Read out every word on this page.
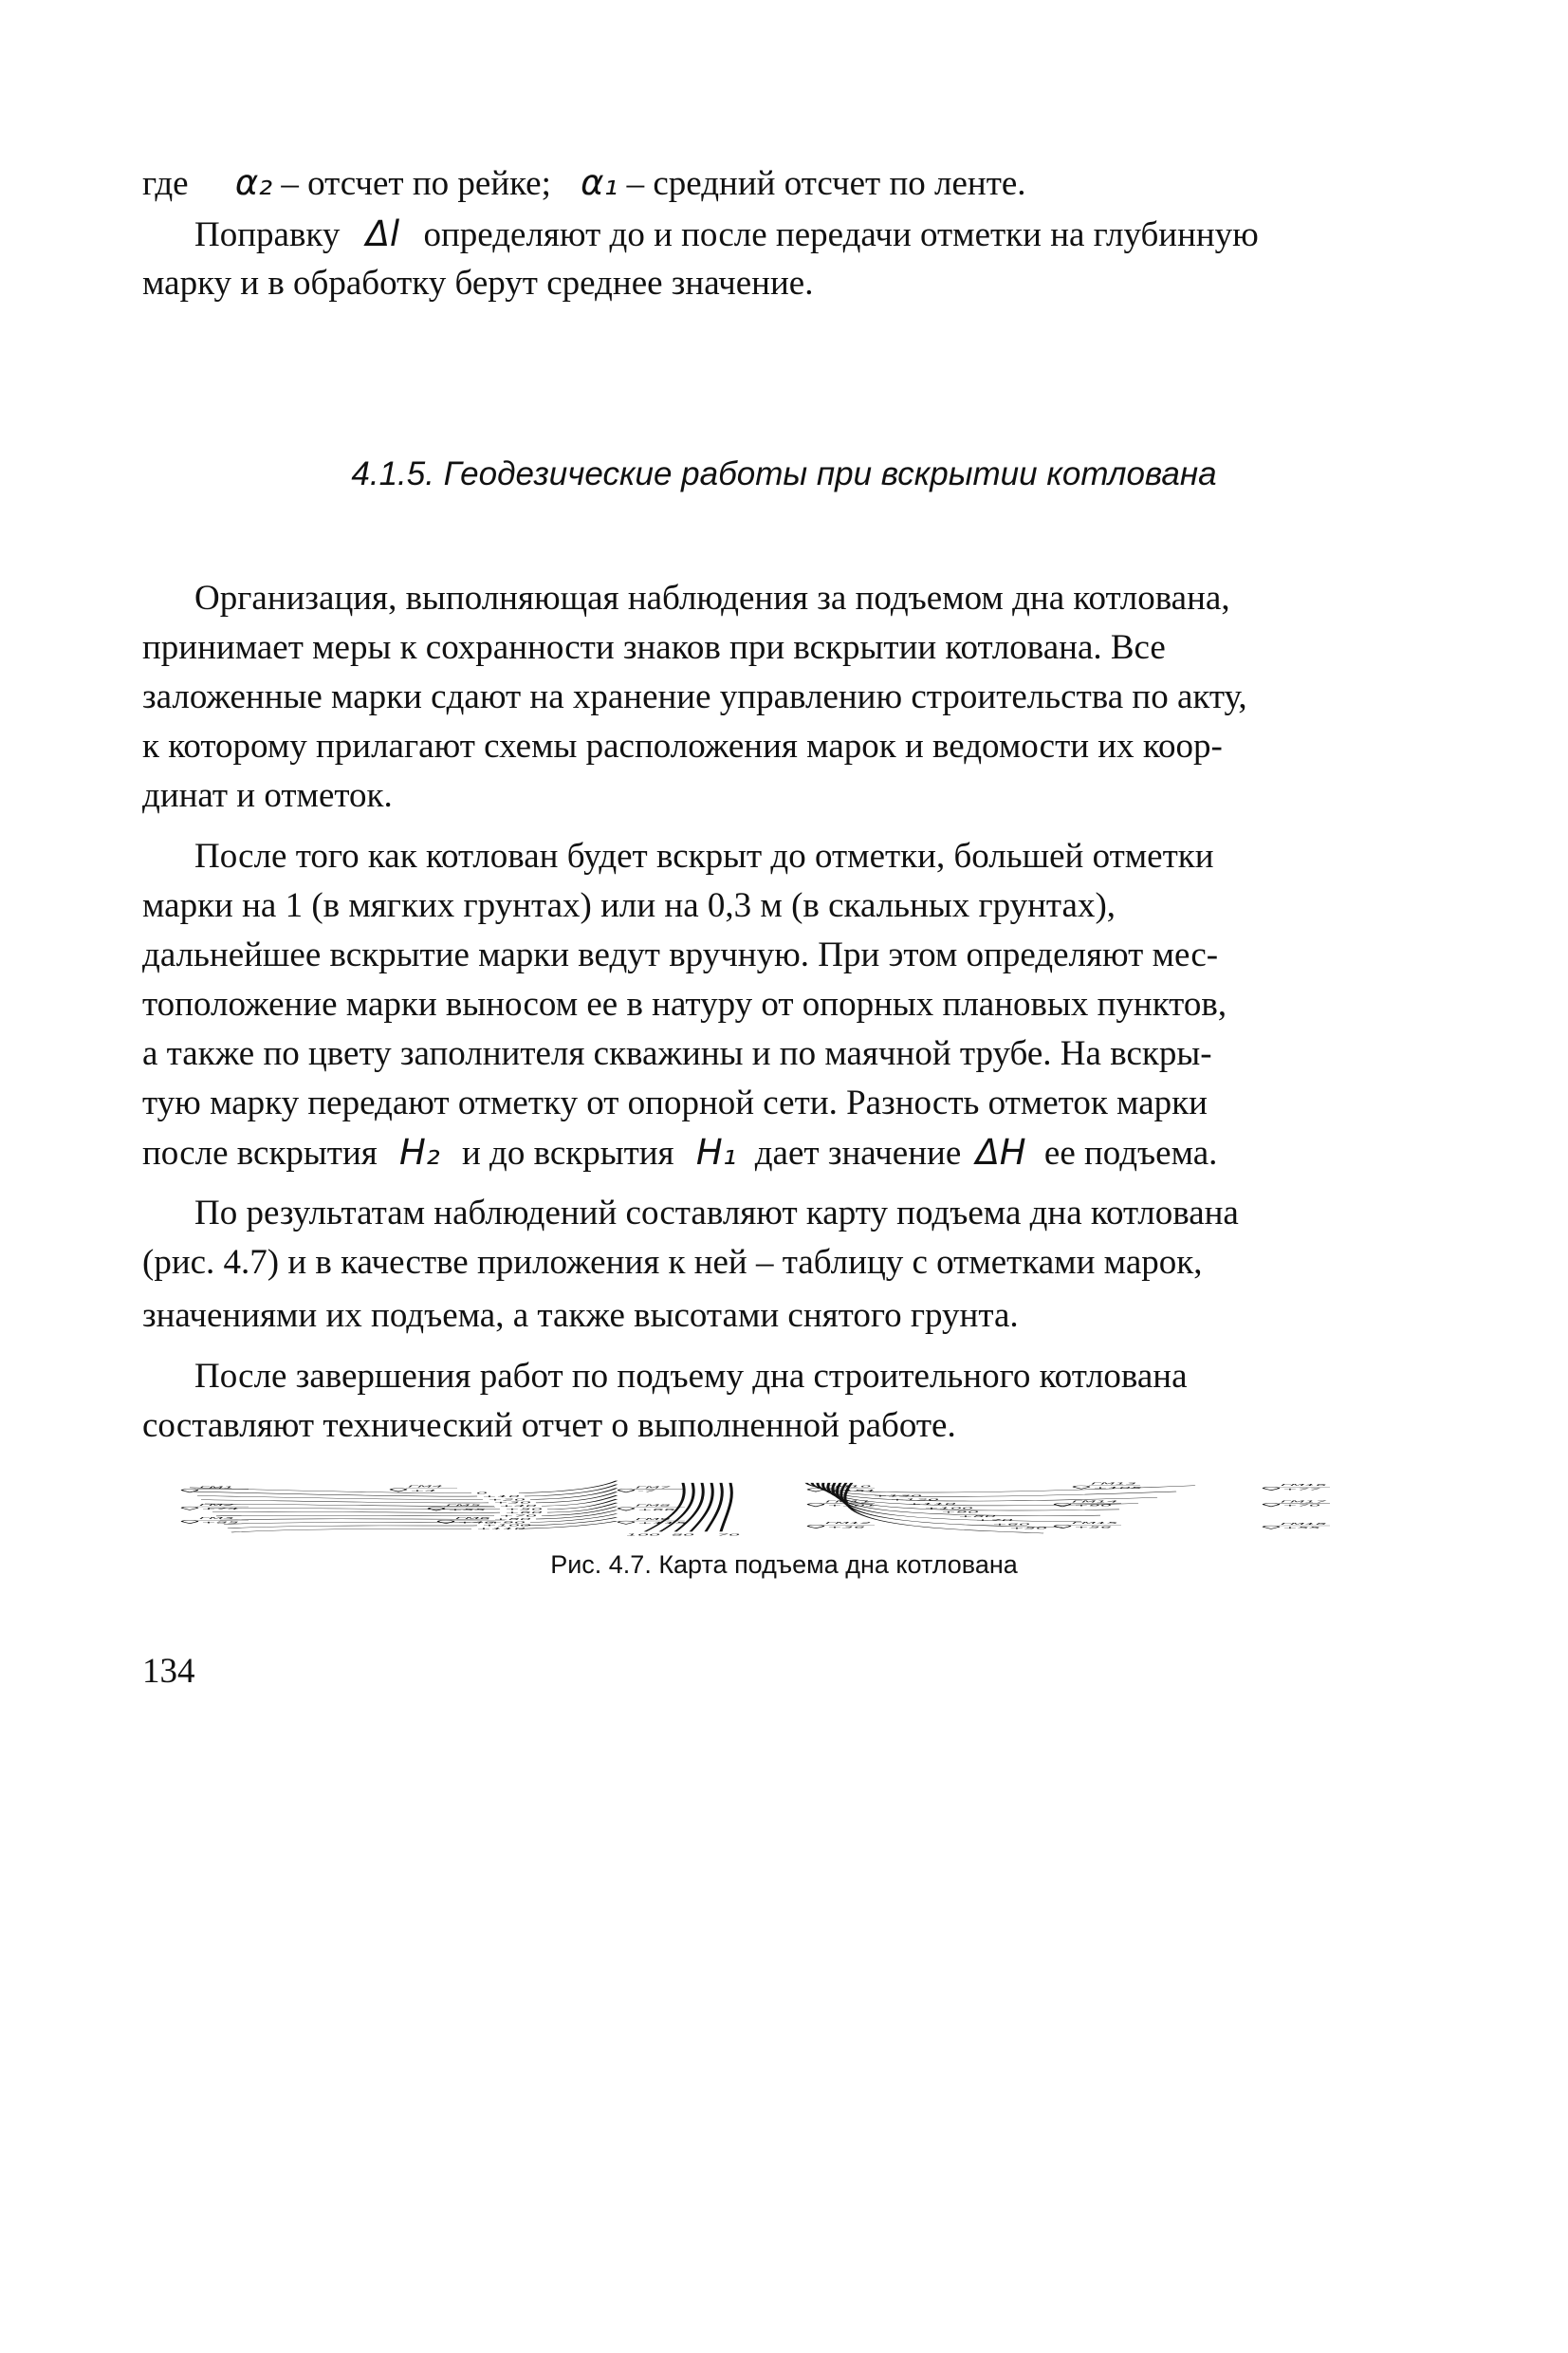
где α₂ – отсчет по рейке; α₁ – средний отсчет по ленте.
Поправку Δl определяют до и после передачи отметки на глубинную
марку и в обработку берут среднее значение.
4.1.5. Геодезические работы при вскрытии котлована
Организация, выполняющая наблюдения за подъемом дна котлована,
принимает меры к сохранности знаков при вскрытии котлована. Все
заложенные марки сдают на хранение управлению строительства по акту,
к которому прилагают схемы расположения марок и ведомости их коор-
динат и отметок.
После того как котлован будет вскрыт до отметки, большей отметки
марки на 1 (в мягких грунтах) или на 0,3 м (в скальных грунтах),
дальнейшее вскрытие марки ведут вручную. При этом определяют мес-
тоположение марки выносом ее в натуру от опорных плановых пунктов,
а также по цвету заполнителя скважины и по маячной трубе. На вскры-
тую марку передают отметку от опорной сети. Разность отметок марки
после вскрытия H₂ и до вскрытия H₁ дает значение ΔH ее подъема.
По результатам наблюдений составляют карту подъема дна котлована
(рис. 4.7) и в качестве приложения к ней – таблицу с отметками марок,
значениями их подъема, а также высотами снятого грунта.
После завершения работ по подъему дна строительного котлована
составляют технический отчет о выполненной работе.
ГМ1	ГМ4
+4
ГМ7
-7
ГМ10
+151
ГМ13
+105
ГМ16
+77
ГМ2
+74
ГМ5
+55
ГМ8
+66
ГМ11
+101
ГМ14
+90
ГМ17
+70
ГМ3
+85
ГМ6
+46
ГМ9
+115	ГМ12
+36
ГМ15
+56
ГМ18
+55
0
+10
+20
+30
+40
+50
+60
+70
+80
+90
+100
+110
+130
+120
+110
+100
+90
+80
+70
+60
+50
100 80 70
Рис. 4.7. Карта подъема дна котлована
134
